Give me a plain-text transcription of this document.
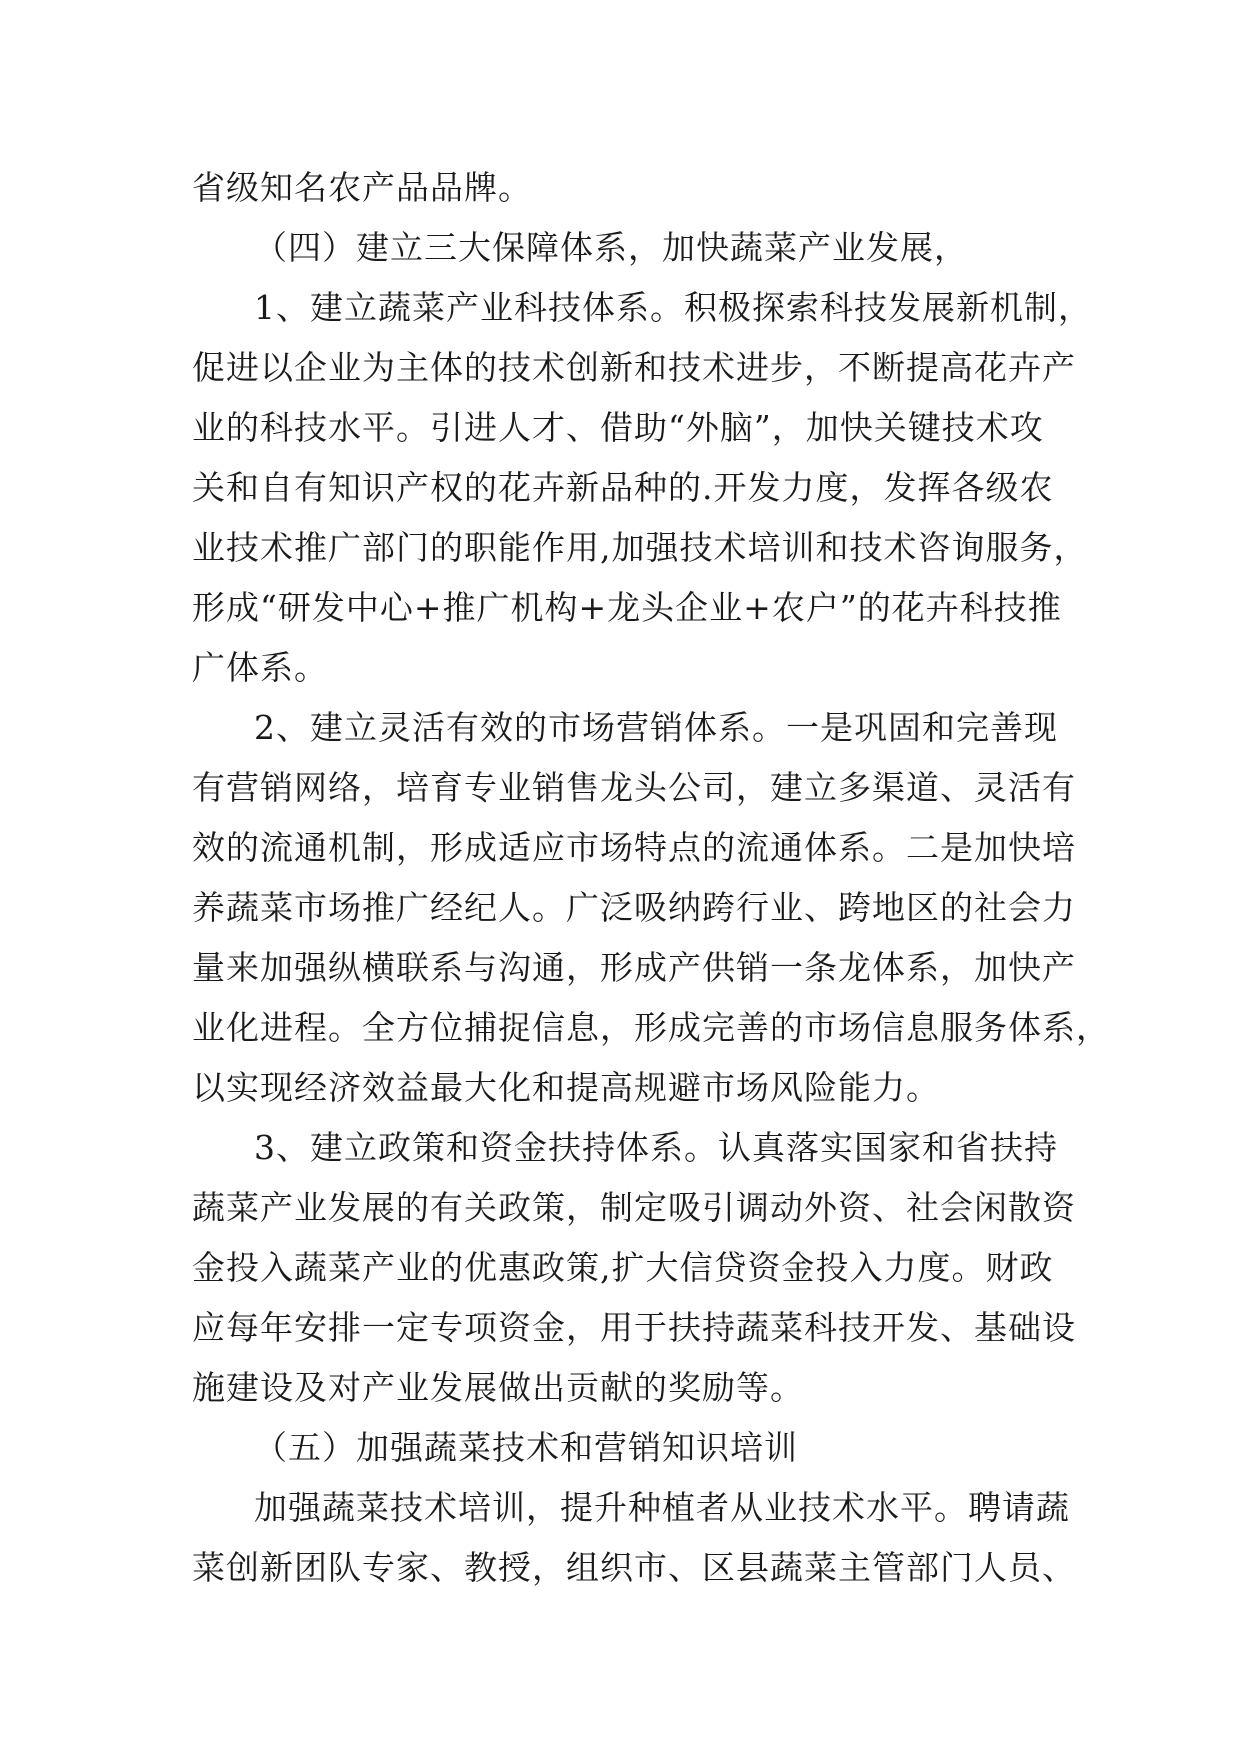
省级知名农产品品牌。
（四）建立三大保障体系，加快蔬菜产业发展，
1、建立蔬菜产业科技体系。积极探索科技发展新机制，
促进以企业为主体的技术创新和技术进步，不断提高花卉产
业的科技水平。引进人才、借助“外脑”，加快关键技术攻
关和自有知识产权的花卉新品种的.开发力度，发挥各级农
业技术推广部门的职能作用,加强技术培训和技术咨询服务，
形成“研发中心+推广机构+龙头企业+农户”的花卉科技推
广体系。
2、建立灵活有效的市场营销体系。一是巩固和完善现
有营销网络，培育专业销售龙头公司，建立多渠道、灵活有
效的流通机制，形成适应市场特点的流通体系。二是加快培
养蔬菜市场推广经纪人。广泛吸纳跨行业、跨地区的社会力
量来加强纵横联系与沟通，形成产供销一条龙体系，加快产
业化进程。全方位捕捉信息，形成完善的市场信息服务体系，
以实现经济效益最大化和提高规避市场风险能力。
3、建立政策和资金扶持体系。认真落实国家和省扶持
蔬菜产业发展的有关政策，制定吸引调动外资、社会闲散资
金投入蔬菜产业的优惠政策,扩大信贷资金投入力度。财政
应每年安排一定专项资金，用于扶持蔬菜科技开发、基础设
施建设及对产业发展做出贡献的奖励等。
（五）加强蔬菜技术和营销知识培训
加强蔬菜技术培训，提升种植者从业技术水平。聘请蔬
菜创新团队专家、教授，组织市、区县蔬菜主管部门人员、
